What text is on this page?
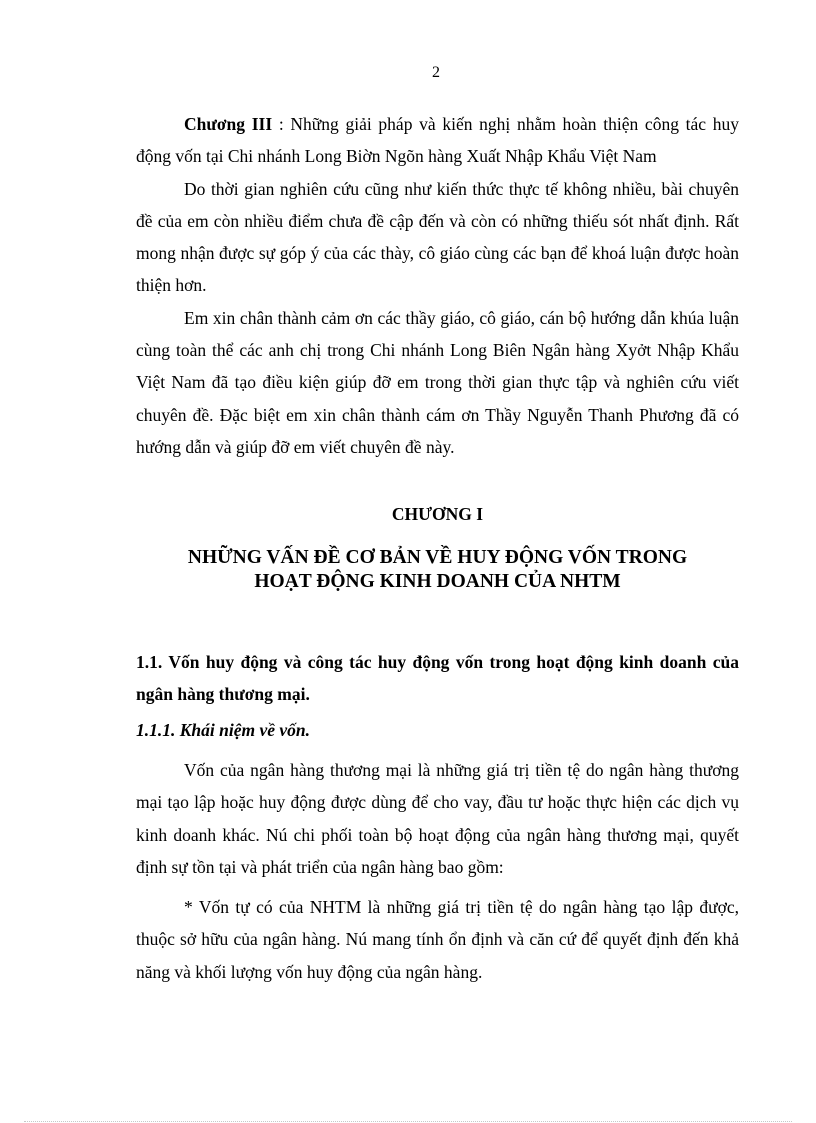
2

Chương III : Những giải pháp và kiến nghị nhằm hoàn thiện công tác huy động vốn tại Chi nhánh Long Biờn Ngõn hàng Xuất Nhập Khẩu Việt Nam

Do thời gian nghiên cứu cũng như kiến thức thực tế không nhiều, bài chuyên đề của em còn nhiều điểm chưa đề cập đến và còn có những thiếu sót nhất định. Rất mong nhận được sự góp ý của các thày, cô giáo cùng các bạn để khoá luận được hoàn thiện hơn.

Em xin chân thành cảm ơn các thầy giáo, cô giáo, cán bộ hướng dẫn khúa luận cùng toàn thể các anh chị trong Chi nhánh Long Biên Ngân hàng Xyởt Nhập Khẩu Việt Nam đã tạo điều kiện giúp đỡ em trong thời gian thực tập và nghiên cứu viết chuyên đề. Đặc biệt em xin chân thành cám ơn Thầy Nguyễn Thanh Phương đã có hướng dẫn và giúp đỡ em viết chuyên đề này.

CHƯƠNG I
NHỮNG VẤN ĐỀ CƠ BẢN VỀ HUY ĐỘNG VỐN TRONG
HOẠT ĐỘNG KINH DOANH CỦA NHTM
1.1. Vốn huy động và công tác huy động vốn trong hoạt động kinh doanh của ngân hàng thương mại.
1.1.1. Khái niệm về vốn.

Vốn của ngân hàng thương mại là những giá trị tiền tệ do ngân hàng thương mại tạo lập hoặc huy động được dùng để cho vay, đầu tư hoặc thực hiện các dịch vụ kinh doanh khác. Nú chi phối toàn bộ hoạt động của ngân hàng thương mại, quyết định sự tồn tại và phát triển của ngân hàng bao gồm:

* Vốn tự có của NHTM là những giá trị tiền tệ do ngân hàng tạo lập được, thuộc sở hữu của ngân hàng. Nú mang tính ổn định và căn cứ để quyết định đến khả năng và khối lượng vốn huy động của ngân hàng.
